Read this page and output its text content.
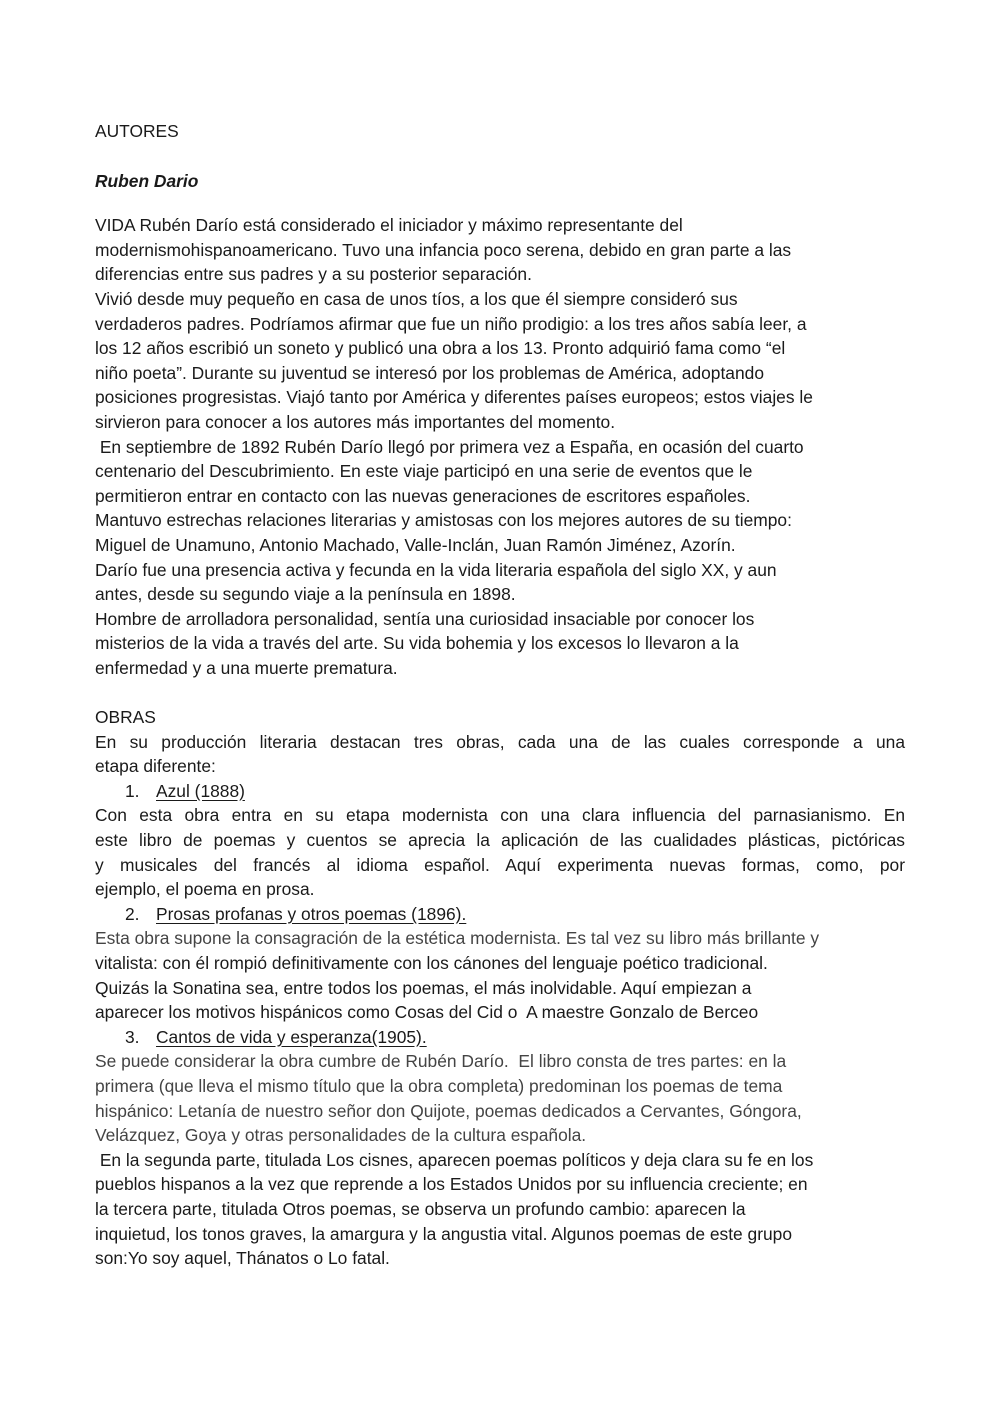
AUTORES
Ruben Dario
VIDA Rubén Darío está considerado el iniciador y máximo representante del
modernismohispanoamericano. Tuvo una infancia poco serena, debido en gran parte a las
diferencias entre sus padres y a su posterior separación.
Vivió desde muy pequeño en casa de unos tíos, a los que él siempre consideró sus
verdaderos padres. Podríamos afirmar que fue un niño prodigio: a los tres años sabía leer, a
los 12 años escribió un soneto y publicó una obra a los 13. Pronto adquirió fama como “el
niño poeta”. Durante su juventud se interesó por los problemas de América, adoptando
posiciones progresistas. Viajó tanto por América y diferentes países europeos; estos viajes le
sirvieron para conocer a los autores más importantes del momento.
En septiembre de 1892 Rubén Darío llegó por primera vez a España, en ocasión del cuarto
centenario del Descubrimiento. En este viaje participó en una serie de eventos que le
permitieron entrar en contacto con las nuevas generaciones de escritores españoles.
Mantuvo estrechas relaciones literarias y amistosas con los mejores autores de su tiempo:
Miguel de Unamuno, Antonio Machado, Valle-Inclán, Juan Ramón Jiménez, Azorín.
Darío fue una presencia activa y fecunda en la vida literaria española del siglo XX, y aun
antes, desde su segundo viaje a la península en 1898.
Hombre de arrolladora personalidad, sentía una curiosidad insaciable por conocer los
misterios de la vida a través del arte. Su vida bohemia y los excesos lo llevaron a la
enfermedad y a una muerte prematura.
OBRAS
En su producción literaria destacan tres obras, cada una de las cuales corresponde a una
etapa diferente:
1. Azul (1888)
Con esta obra entra en su etapa modernista con una clara influencia del parnasianismo. En
este libro de poemas y cuentos se aprecia la aplicación de las cualidades plásticas, pictóricas
y musicales del francés al idioma español. Aquí experimenta nuevas formas, como, por
ejemplo, el poema en prosa.
2. Prosas profanas y otros poemas (1896).
Esta obra supone la consagración de la estética modernista. Es tal vez su libro más brillante y
vitalista: con él rompió definitivamente con los cánones del lenguaje poético tradicional.
Quizás la Sonatina sea, entre todos los poemas, el más inolvidable. Aquí empiezan a
aparecer los motivos hispánicos como Cosas del Cid o  A maestre Gonzalo de Berceo
3. Cantos de vida y esperanza(1905).
Se puede considerar la obra cumbre de Rubén Darío.  El libro consta de tres partes: en la
primera (que lleva el mismo título que la obra completa) predominan los poemas de tema
hispánico: Letanía de nuestro señor don Quijote, poemas dedicados a Cervantes, Góngora,
Velázquez, Goya y otras personalidades de la cultura española.
En la segunda parte, titulada Los cisnes, aparecen poemas políticos y deja clara su fe en los
pueblos hispanos a la vez que reprende a los Estados Unidos por su influencia creciente; en
la tercera parte, titulada Otros poemas, se observa un profundo cambio: aparecen la
inquietud, los tonos graves, la amargura y la angustia vital. Algunos poemas de este grupo
son:Yo soy aquel, Thánatos o Lo fatal.
